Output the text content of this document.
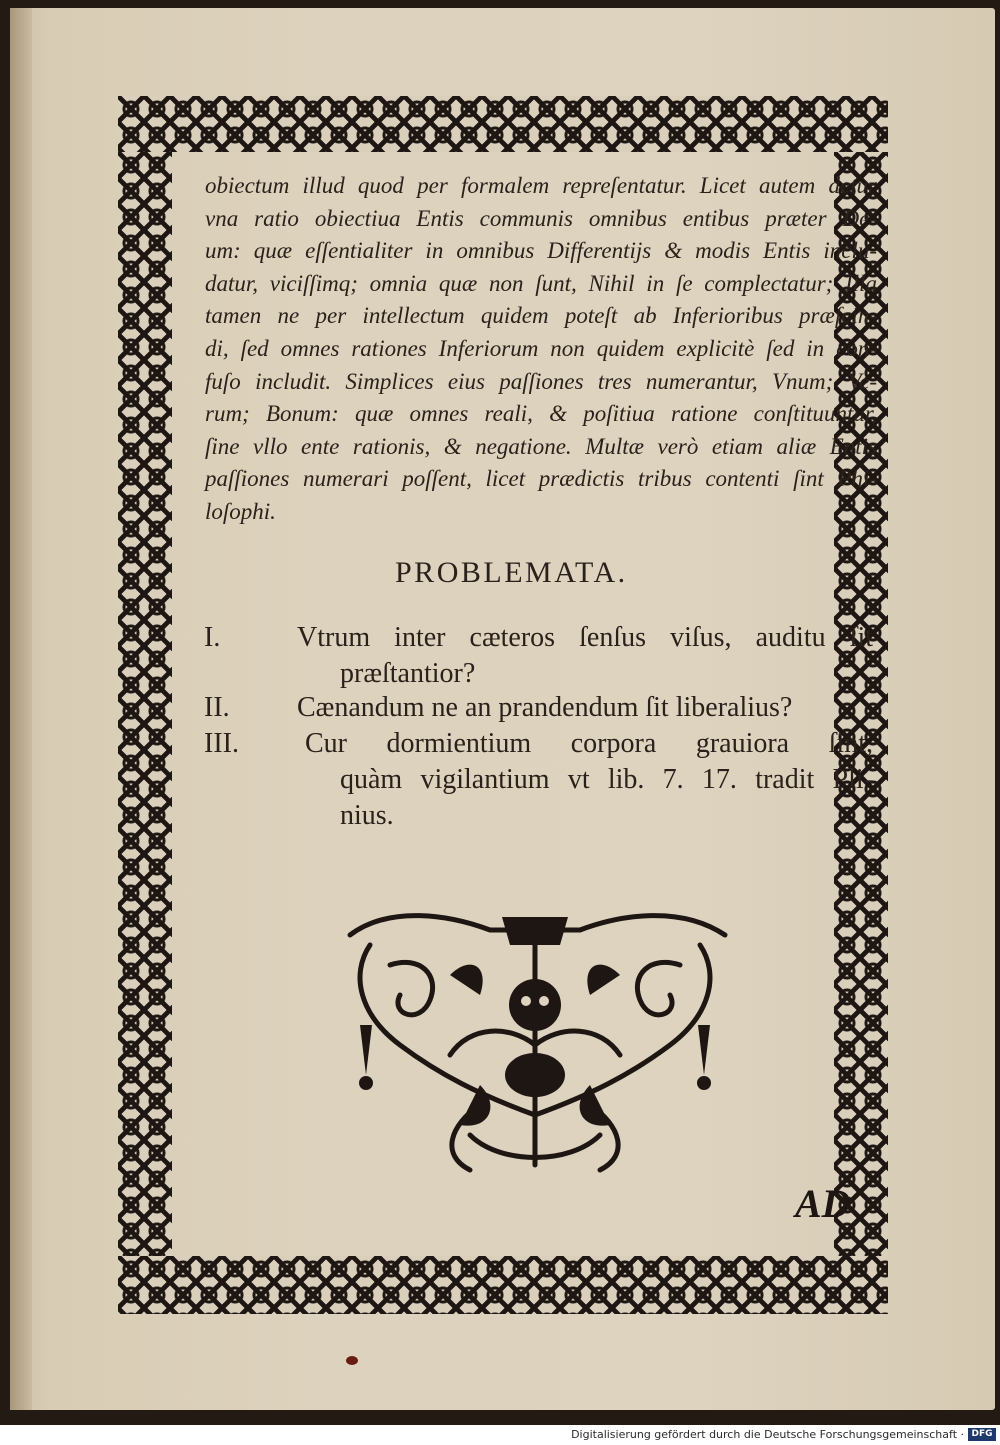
obiectum illud quod per formalem repreſentatur. Licet autem detur
vna ratio obiectiua Entis communis omnibus entibus præter De-
um: quæ eſſentialiter in omnibus Differentijs & modis Entis inclu-
datur, viciſſimq; omnia quæ non ſunt, Nihil in ſe complectatur; Illa
tamen ne per intellectum quidem poteſt ab Inferioribus præſcin-
di, ſed omnes rationes Inferiorum non quidem explicitè ſed in con-
fuſo includit. Simplices eius paſſiones tres numerantur, Vnum; Ve-
rum; Bonum: quæ omnes reali, & poſitiua ratione conſtituuntur,
ſine vllo ente rationis, & negatione. Multæ verò etiam aliæ Entis
paſſiones numerari poſſent, licet prædictis tribus contenti ſint Phi-
loſophi.
PROBLEMATA.
I.	Vtrum inter cæteros ſenſus viſus, auditu ſit
præſtantior?
II. Cænandum ne an prandendum ſit liberalius?
III. Cur dormientium corpora grauiora ſint,
quàm vigilantium vt lib. 7. 17. tradit Pli-
nius.
AD
Digitalisierung gefördert durch die Deutsche Forschungsgemeinschaft · DFG
